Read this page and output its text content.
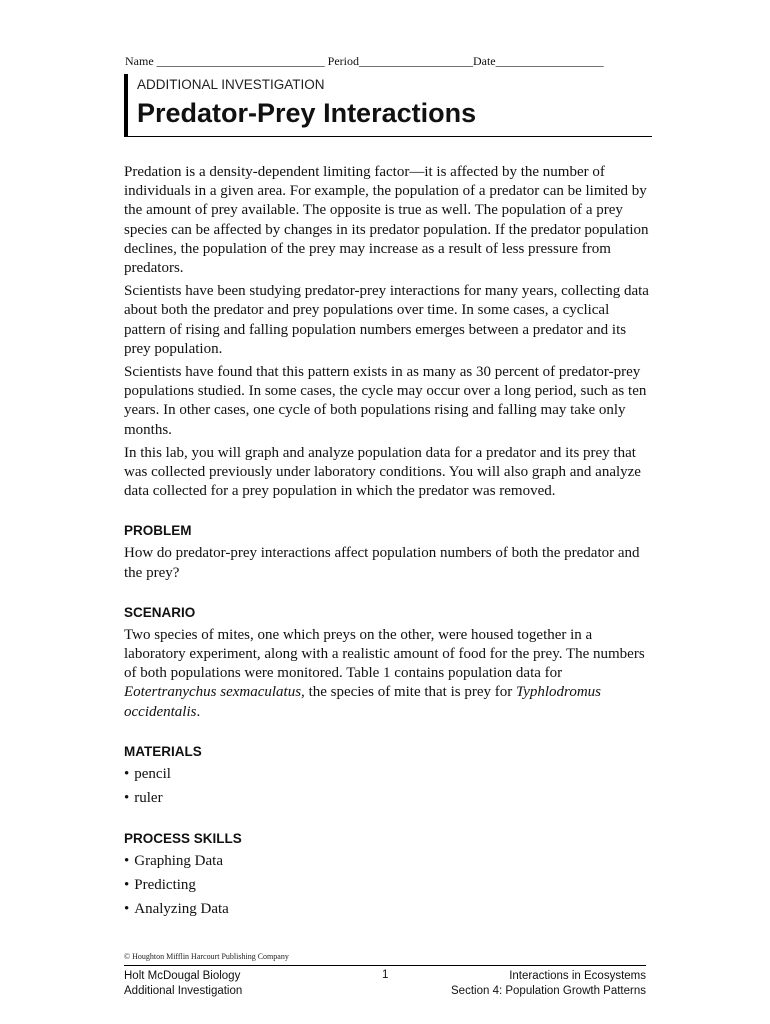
Name ____________________________ Period___________________Date__________________
ADDITIONAL INVESTIGATION
Predator-Prey Interactions

Predation is a density-dependent limiting factor—it is affected by the number of individuals in a given area. For example, the population of a predator can be limited by the amount of prey available. The opposite is true as well. The population of a prey species can be affected by changes in its predator population. If the predator population declines, the population of the prey may increase as a result of less pressure from predators.

Scientists have been studying predator-prey interactions for many years, collecting data about both the predator and prey populations over time. In some cases, a cyclical pattern of rising and falling population numbers emerges between a predator and its prey population.

Scientists have found that this pattern exists in as many as 30 percent of predator-prey populations studied. In some cases, the cycle may occur over a long period, such as ten years. In other cases, one cycle of both populations rising and falling may take only months.

In this lab, you will graph and analyze population data for a predator and its prey that was collected previously under laboratory conditions. You will also graph and analyze data collected for a prey population in which the predator was removed.

PROBLEM

How do predator-prey interactions affect population numbers of both the predator and the prey?

SCENARIO

Two species of mites, one which preys on the other, were housed together in a laboratory experiment, along with a realistic amount of food for the prey. The numbers of both populations were monitored. Table 1 contains population data for Eotertranychus sexmaculatus, the species of mite that is prey for Typhlodromus occidentalis.

MATERIALS
• pencil
• ruler
PROCESS SKILLS
• Graphing Data
• Predicting
• Analyzing Data
© Houghton Mifflin Harcourt Publishing Company
Holt McDougal Biology
Additional Investigation
1	Interactions in Ecosystems
Section 4: Population Growth Patterns
